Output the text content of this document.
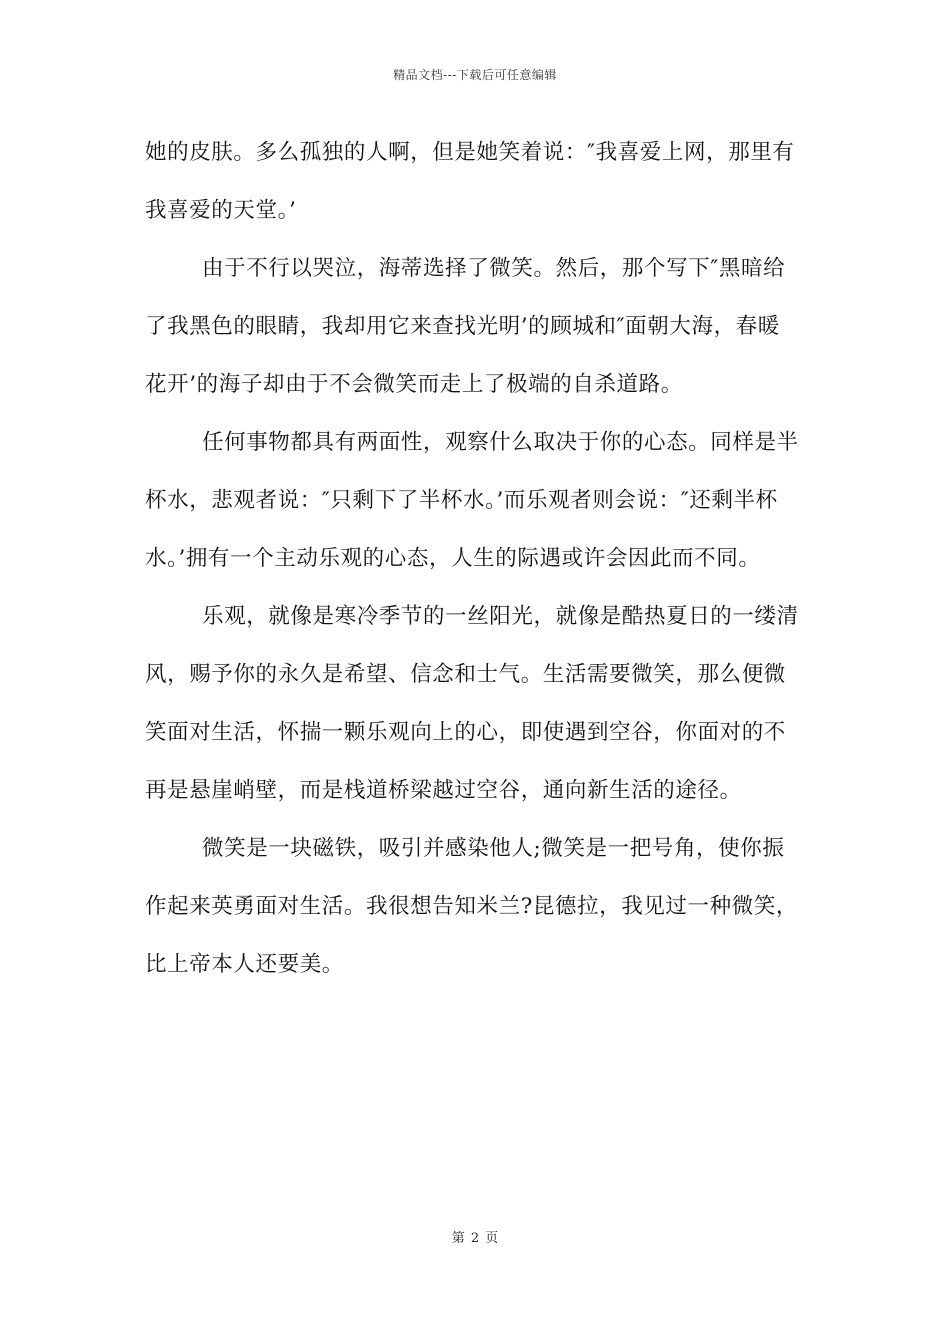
精品文档---下载后可任意编辑
她的皮肤。多么孤独的人啊，但是她笑着说：″我喜爱上网，那里有
我喜爱的天堂。’
由于不行以哭泣，海蒂选择了微笑。然后，那个写下″黑暗给
了我黑色的眼睛，我却用它来查找光明’的顾城和″面朝大海，春暖
花开’的海子却由于不会微笑而走上了极端的自杀道路。
任何事物都具有两面性，观察什么取决于你的心态。同样是半
杯水，悲观者说：″只剩下了半杯水。’而乐观者则会说：″还剩半杯
水。’拥有一个主动乐观的心态，人生的际遇或许会因此而不同。
乐观，就像是寒冷季节的一丝阳光，就像是酷热夏日的一缕清
风，赐予你的永久是希望、信念和士气。生活需要微笑，那么便微
笑面对生活，怀揣一颗乐观向上的心，即使遇到空谷，你面对的不
再是悬崖峭壁，而是栈道桥梁越过空谷，通向新生活的途径。
微笑是一块磁铁，吸引并感染他人;微笑是一把号角，使你振
作起来英勇面对生活。我很想告知米兰?昆德拉，我见过一种微笑，
比上帝本人还要美。
第 2 页
